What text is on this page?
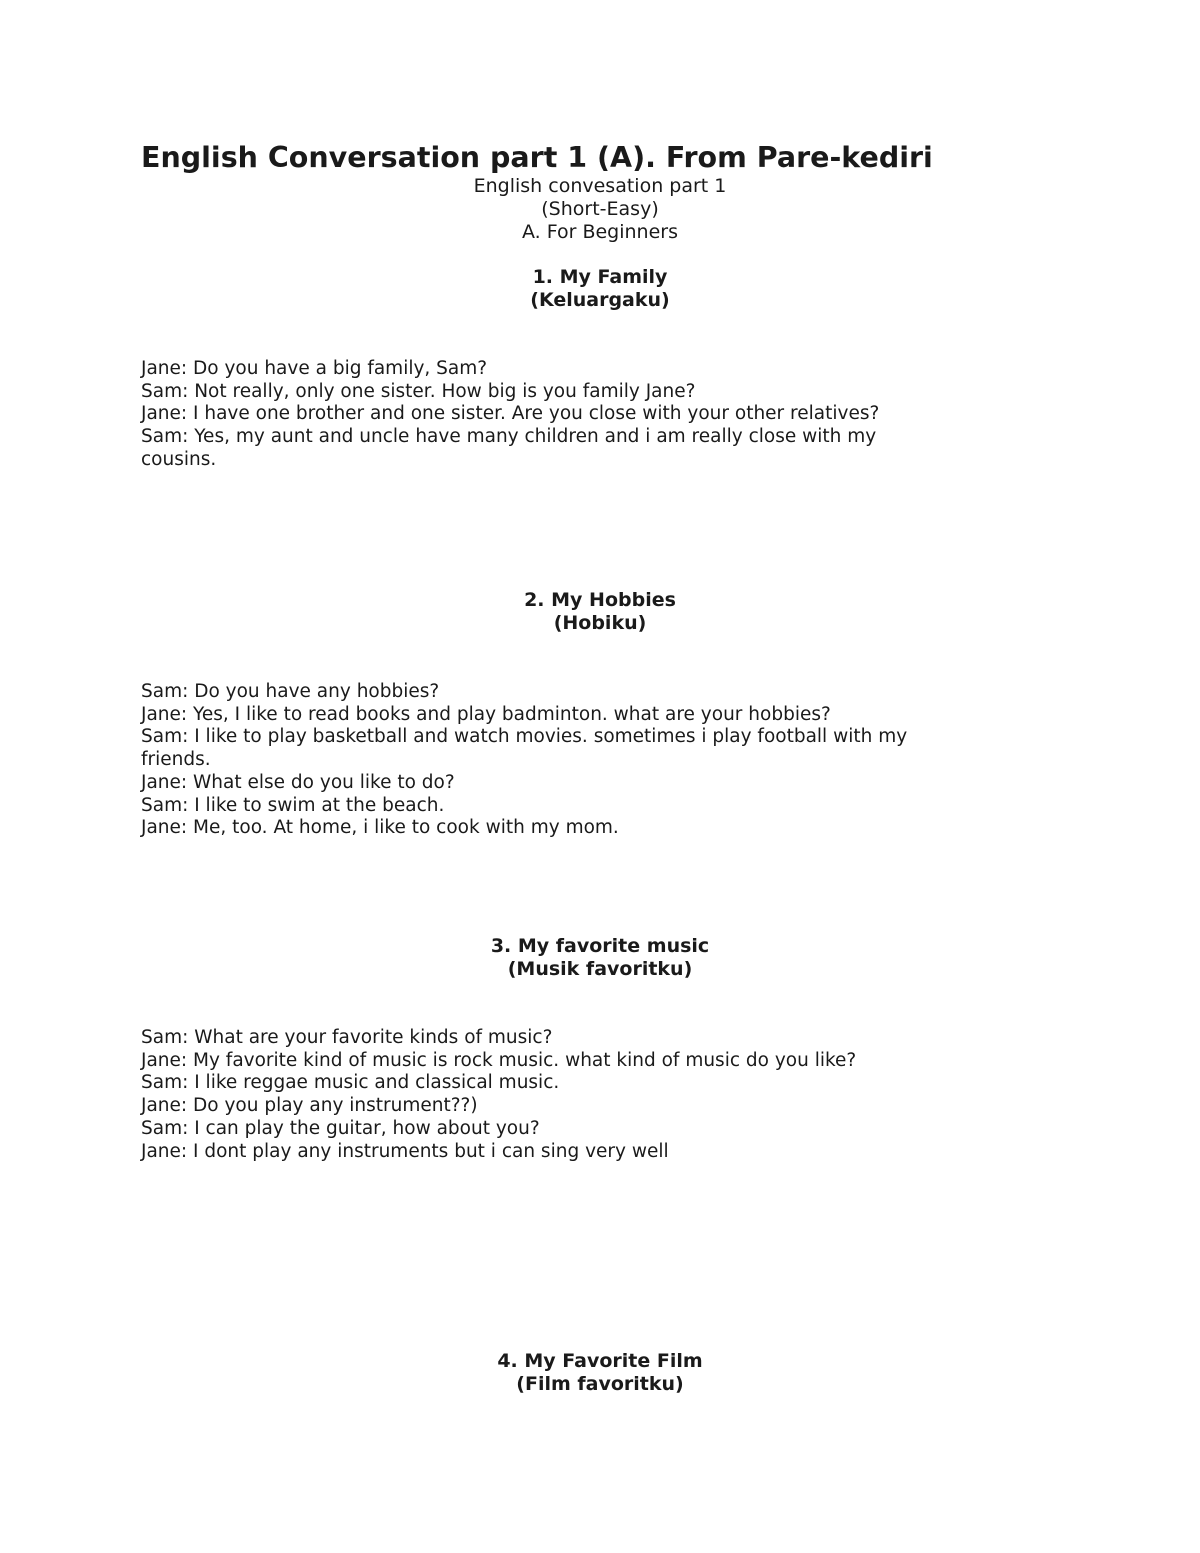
English Conversation part 1 (A). From Pare-kediri

English convesation part 1

(Short-Easy)

A. For Beginners

1. My Family
(Keluargaku)
Jane: Do you have a big family, Sam?
Sam: Not really, only one sister. How big is you family Jane?
Jane: I have one brother and one sister. Are you close with your other relatives?
Sam: Yes, my aunt and uncle have many children and i am really close with my cousins.
2. My Hobbies
(Hobiku)
Sam: Do you have any hobbies?
Jane: Yes, I like to read books and play badminton. what are your hobbies?
Sam: I like to play basketball and watch movies. sometimes i play football with my friends.
Jane: What else do you like to do?
Sam: I like to swim at the beach.
Jane: Me, too. At home, i like to cook with my mom.
3. My favorite music
(Musik favoritku)
Sam: What are your favorite kinds of music?
Jane: My favorite kind of music is rock music. what kind of music do you like?
Sam: I like reggae music and classical music.
Jane: Do you play any instrument??)
Sam: I can play the guitar, how about you?
Jane: I dont play any instruments but i can sing very well
4. My Favorite Film
(Film favoritku)
